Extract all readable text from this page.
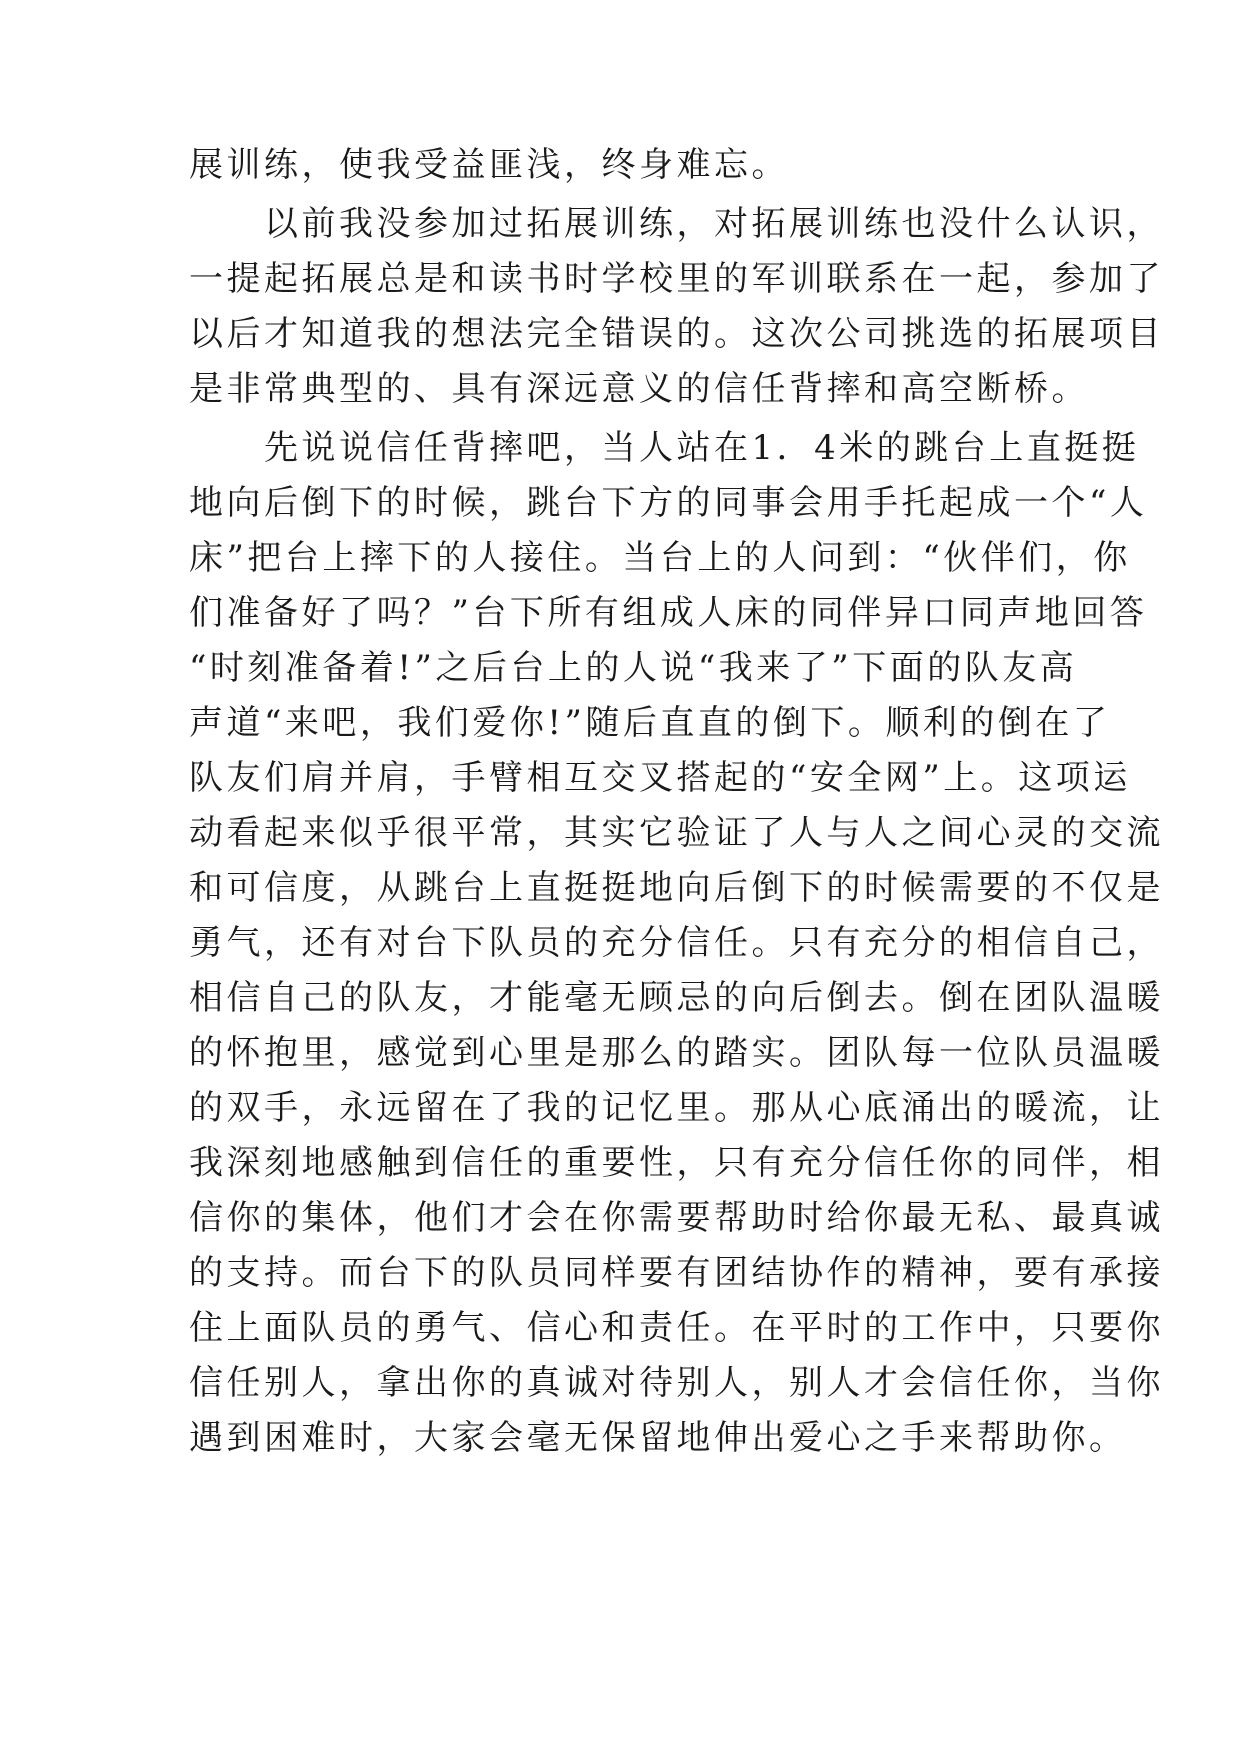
展训练，使我受益匪浅，终身难忘。
　　以前我没参加过拓展训练，对拓展训练也没什么认识，
一提起拓展总是和读书时学校里的军训联系在一起，参加了
以后才知道我的想法完全错误的。这次公司挑选的拓展项目
是非常典型的、具有深远意义的信任背摔和高空断桥。
　　先说说信任背摔吧，当人站在1．4米的跳台上直挺挺
地向后倒下的时候，跳台下方的同事会用手托起成一个“人
床”把台上摔下的人接住。当台上的人问到：“伙伴们，你
们准备好了吗？”台下所有组成人床的同伴异口同声地回答
“时刻准备着!”之后台上的人说“我来了”下面的队友高
声道“来吧，我们爱你!”随后直直的倒下。顺利的倒在了
队友们肩并肩，手臂相互交叉搭起的“安全网”上。这项运
动看起来似乎很平常，其实它验证了人与人之间心灵的交流
和可信度，从跳台上直挺挺地向后倒下的时候需要的不仅是
勇气，还有对台下队员的充分信任。只有充分的相信自己，
相信自己的队友，才能毫无顾忌的向后倒去。倒在团队温暖
的怀抱里，感觉到心里是那么的踏实。团队每一位队员温暖
的双手，永远留在了我的记忆里。那从心底涌出的暖流，让
我深刻地感触到信任的重要性，只有充分信任你的同伴，相
信你的集体，他们才会在你需要帮助时给你最无私、最真诚
的支持。而台下的队员同样要有团结协作的精神，要有承接
住上面队员的勇气、信心和责任。在平时的工作中，只要你
信任别人，拿出你的真诚对待别人，别人才会信任你，当你
遇到困难时，大家会毫无保留地伸出爱心之手来帮助你。
